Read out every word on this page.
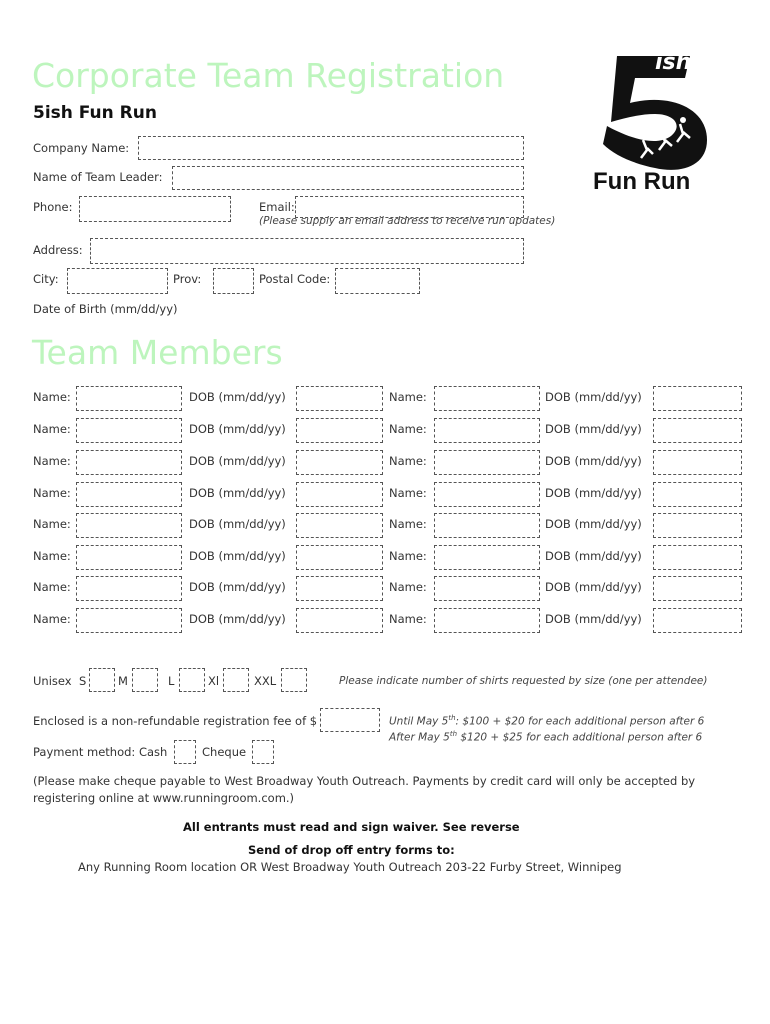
Corporate Team Registration
5ish Fun Run
ish
Fun Run
Company Name:
Name of Team Leader:
Phone:	Email:
(Please supply an email address to receive run updates)
Address:
City:	Prov:	Postal Code:
Date of Birth (mm/dd/yy)
Team Members
Name:	DOB (mm/dd/yy)	Name:	DOB (mm/dd/yy)
Name:	DOB (mm/dd/yy)	Name:	DOB (mm/dd/yy)
Name:	DOB (mm/dd/yy)	Name:	DOB (mm/dd/yy)
Name:	DOB (mm/dd/yy)	Name:	DOB (mm/dd/yy)
Name:	DOB (mm/dd/yy)	Name:	DOB (mm/dd/yy)
Name:	DOB (mm/dd/yy)	Name:	DOB (mm/dd/yy)
Name:	DOB (mm/dd/yy)	Name:	DOB (mm/dd/yy)
Name:	DOB (mm/dd/yy)	Name:	DOB (mm/dd/yy)
Unisex S	M	L	Xl	XXL	Please indicate number of shirts requested by size (one per attendee)
Enclosed is a non-refundable registration fee of $	Until May 5th: $100 + $20 for each additional person after 6
After May 5th $120 + $25 for each additional person after 6
Payment method: Cash	Cheque
(Please make cheque payable to West Broadway Youth Outreach. Payments by credit card will only be accepted by
registering online at www.runningroom.com.)
All entrants must read and sign waiver. See reverse
Send of drop off entry forms to:
Any Running Room location OR West Broadway Youth Outreach 203-22 Furby Street, Winnipeg
